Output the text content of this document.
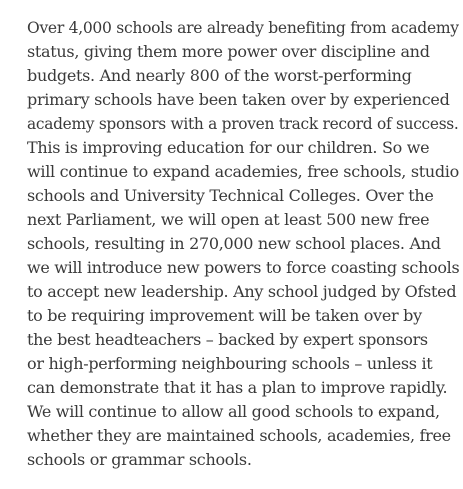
Over 4,000 schools are already benefiting from academy
status, giving them more power over discipline and
budgets. And nearly 800 of the worst-performing
primary schools have been taken over by experienced
academy sponsors with a proven track record of success.
This is improving education for our children. So we
will continue to expand academies, free schools, studio
schools and University Technical Colleges. Over the
next Parliament, we will open at least 500 new free
schools, resulting in 270,000 new school places. And
we will introduce new powers to force coasting schools
to accept new leadership. Any school judged by Ofsted
to be requiring improvement will be taken over by
the best headteachers – backed by expert sponsors
or high-performing neighbouring schools – unless it
can demonstrate that it has a plan to improve rapidly.
We will continue to allow all good schools to expand,
whether they are maintained schools, academies, free
schools or grammar schools.
